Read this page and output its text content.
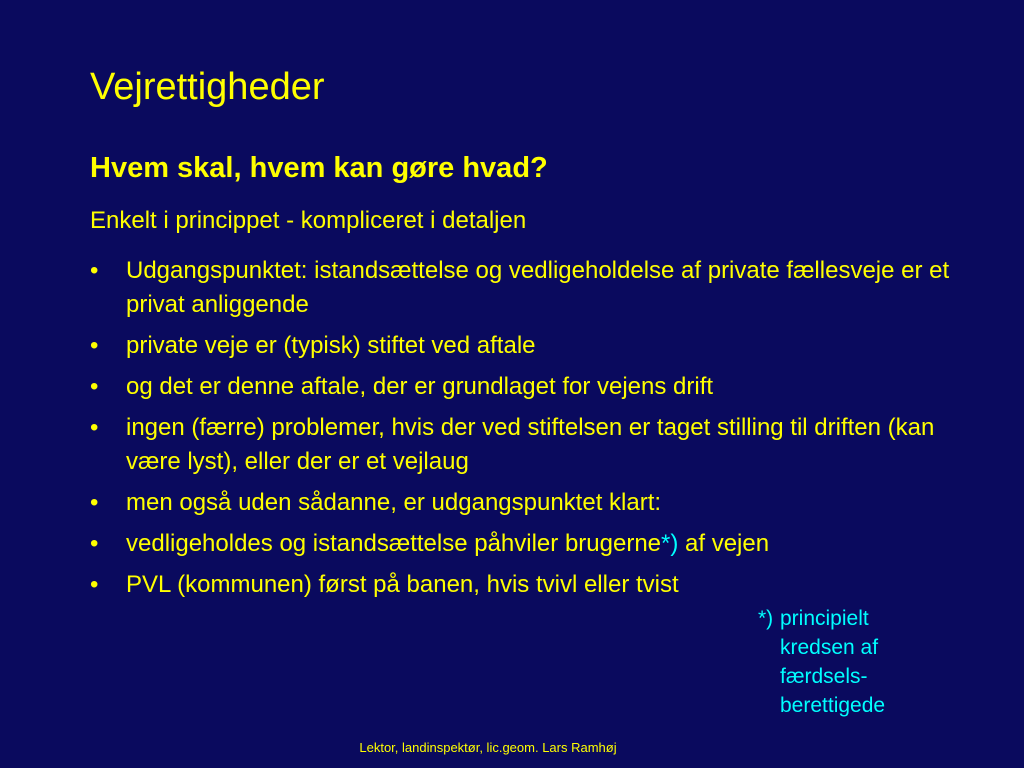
Vejrettigheder
Hvem skal, hvem kan gøre hvad?

Enkelt i princippet - kompliceret i detaljen

•	Udgangspunktet: istandsættelse og vedligeholdelse af private fællesveje er et privat anliggende
•	private veje er (typisk) stiftet ved aftale
•	og det er denne aftale, der er grundlaget for vejens drift
•	ingen (færre) problemer, hvis der ved stiftelsen er taget stilling til driften (kan være lyst), eller der er et vejlaug
•	men også uden sådanne, er udgangspunktet klart:
•	vedligeholdes og istandsættelse påhviler brugerne*) af vejen
•	PVL (kommunen) først på banen, hvis tvivl eller tvist
*) principielt
kredsen af
færdsels-
berettigede
Lektor, landinspektør, lic.geom. Lars Ramhøj
